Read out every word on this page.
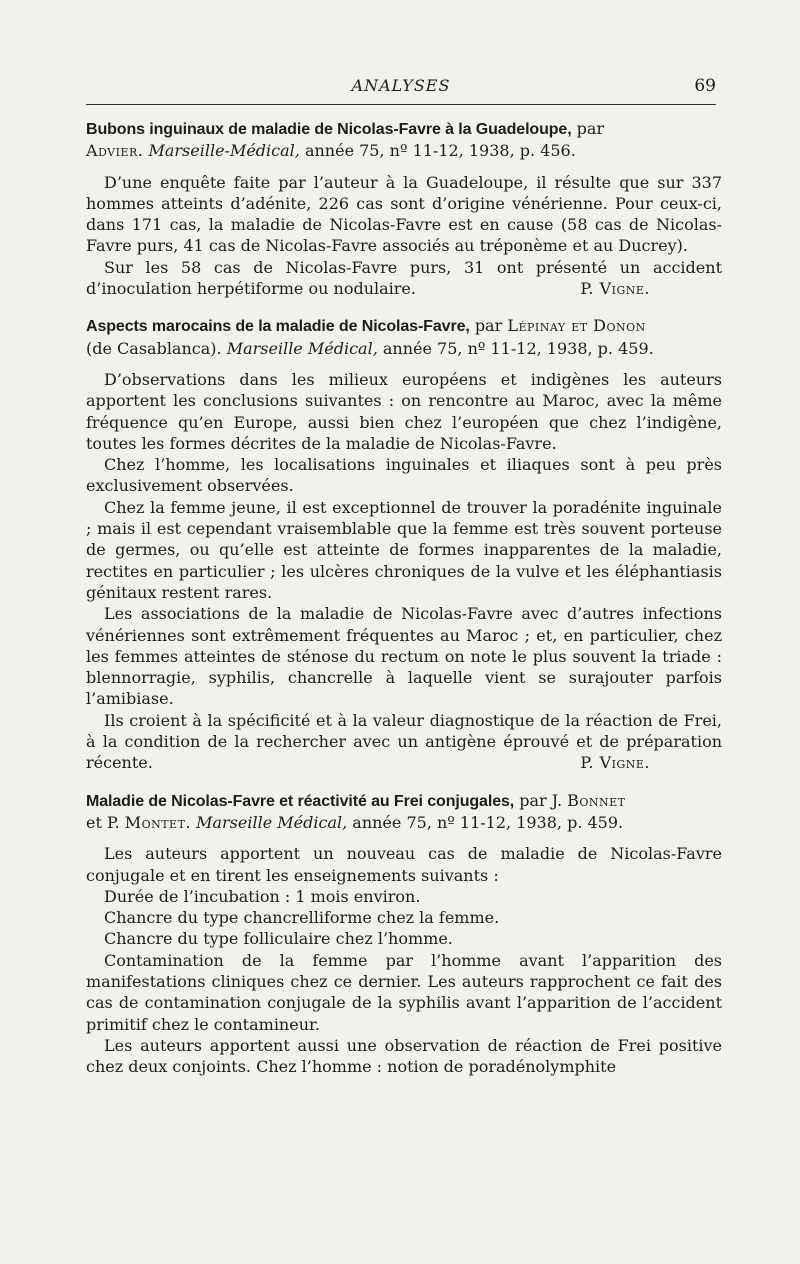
ANALYSES	69

Bubons inguinaux de maladie de Nicolas-Favre à la Guadeloupe, par
Advier. Marseille-Médical, année 75, nº 11-12, 1938, p. 456.

D’une enquête faite par l’auteur à la Guadeloupe, il résulte que sur 337 hommes atteints d’adénite, 226 cas sont d’origine vénérienne. Pour ceux-ci, dans 171 cas, la maladie de Nicolas-Favre est en cause (58 cas de Nicolas-Favre purs, 41 cas de Nicolas-Favre associés au tréponème et au Ducrey).

Sur les 58 cas de Nicolas-Favre purs, 31 ont présenté un accident d’inoculation herpétiforme ou nodulaire.	P. Vigne.

Aspects marocains de la maladie de Nicolas-Favre, par Lépinay et Donon
(de Casablanca). Marseille Médical, année 75, nº 11-12, 1938, p. 459.

D’observations dans les milieux européens et indigènes les auteurs apportent les conclusions suivantes : on rencontre au Maroc, avec la même fréquence qu’en Europe, aussi bien chez l’européen que chez l’indigène, toutes les formes décrites de la maladie de Nicolas-Favre.

Chez l’homme, les localisations inguinales et iliaques sont à peu près exclusivement observées.

Chez la femme jeune, il est exceptionnel de trouver la poradénite inguinale ; mais il est cependant vraisemblable que la femme est très souvent porteuse de germes, ou qu’elle est atteinte de formes inapparentes de la maladie, rectites en particulier ; les ulcères chroniques de la vulve et les éléphantiasis génitaux restent rares.

Les associations de la maladie de Nicolas-Favre avec d’autres infections vénériennes sont extrêmement fréquentes au Maroc ; et, en particulier, chez les femmes atteintes de sténose du rectum on note le plus souvent la triade : blennorragie, syphilis, chancrelle à laquelle vient se surajouter parfois l’amibiase.

Ils croient à la spécificité et à la valeur diagnostique de la réaction de Frei, à la condition de la rechercher avec un antigène éprouvé et de préparation récente.	P. Vigne.

Maladie de Nicolas-Favre et réactivité au Frei conjugales, par J. Bonnet
et P. Montet. Marseille Médical, année 75, nº 11-12, 1938, p. 459.

Les auteurs apportent un nouveau cas de maladie de Nicolas-Favre conjugale et en tirent les enseignements suivants :

Durée de l’incubation : 1 mois environ.

Chancre du type chancrelliforme chez la femme.

Chancre du type folliculaire chez l’homme.

Contamination de la femme par l’homme avant l’apparition des manifestations cliniques chez ce dernier. Les auteurs rapprochent ce fait des cas de contamination conjugale de la syphilis avant l’apparition de l’accident primitif chez le contamineur.

Les auteurs apportent aussi une observation de réaction de Frei positive chez deux conjoints. Chez l’homme : notion de poradénolymphite
